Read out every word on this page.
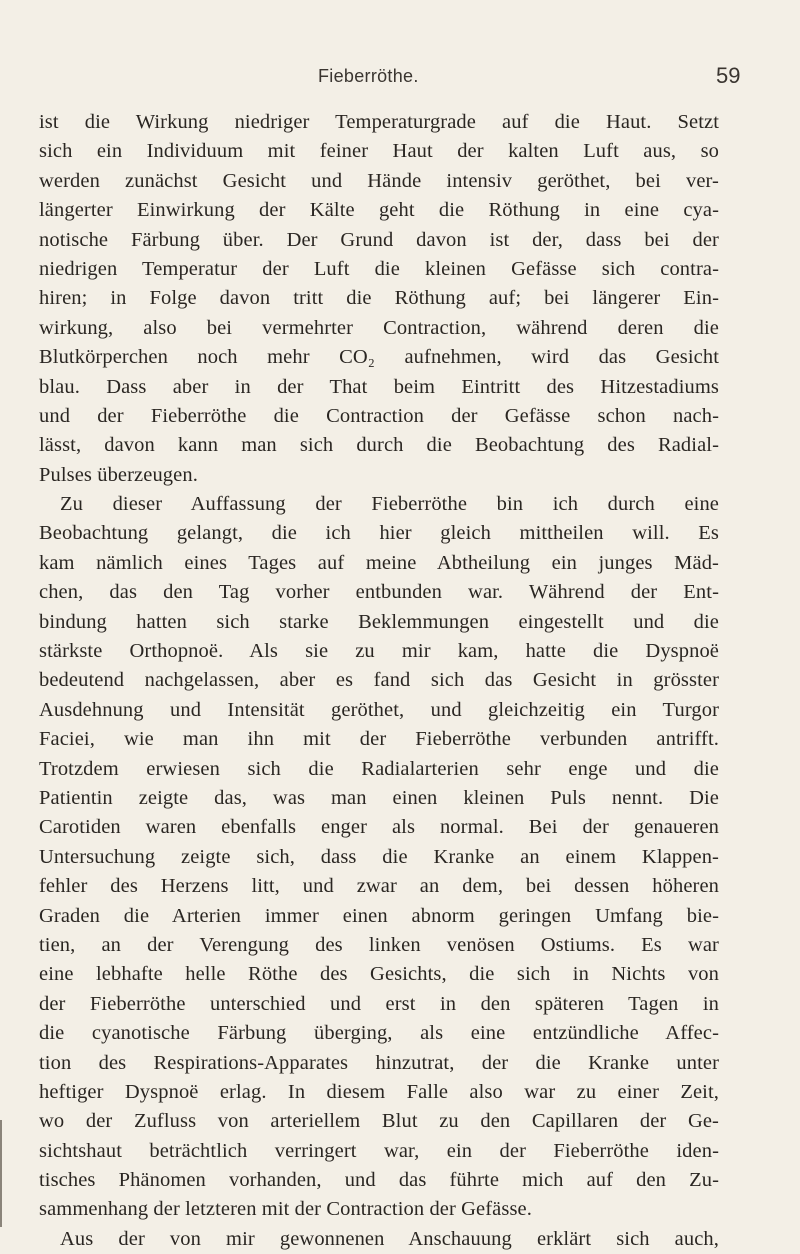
Fieberröthe.	59
ist die Wirkung niedriger Temperaturgrade auf die Haut. Setzt
sich ein Individuum mit feiner Haut der kalten Luft aus, so
werden zunächst Gesicht und Hände intensiv geröthet, bei ver-
längerter Einwirkung der Kälte geht die Röthung in eine cya-
notische Färbung über. Der Grund davon ist der, dass bei der
niedrigen Temperatur der Luft die kleinen Gefässe sich contra-
hiren; in Folge davon tritt die Röthung auf; bei längerer Ein-
wirkung, also bei vermehrter Contraction, während deren die
Blutkörperchen noch mehr CO₂ aufnehmen, wird das Gesicht
blau. Dass aber in der That beim Eintritt des Hitzestadiums
und der Fieberröthe die Contraction der Gefässe schon nach-
lässt, davon kann man sich durch die Beobachtung des Radial-
Pulses überzeugen.
Zu dieser Auffassung der Fieberröthe bin ich durch eine
Beobachtung gelangt, die ich hier gleich mittheilen will. Es
kam nämlich eines Tages auf meine Abtheilung ein junges Mäd-
chen, das den Tag vorher entbunden war. Während der Ent-
bindung hatten sich starke Beklemmungen eingestellt und die
stärkste Orthopnoë. Als sie zu mir kam, hatte die Dyspnoë
bedeutend nachgelassen, aber es fand sich das Gesicht in grösster
Ausdehnung und Intensität geröthet, und gleichzeitig ein Turgor
Faciei, wie man ihn mit der Fieberröthe verbunden antrifft.
Trotzdem erwiesen sich die Radialarterien sehr enge und die
Patientin zeigte das, was man einen kleinen Puls nennt. Die
Carotiden waren ebenfalls enger als normal. Bei der genaueren
Untersuchung zeigte sich, dass die Kranke an einem Klappen-
fehler des Herzens litt, und zwar an dem, bei dessen höheren
Graden die Arterien immer einen abnorm geringen Umfang bie-
tien, an der Verengung des linken venösen Ostiums. Es war
eine lebhafte helle Röthe des Gesichts, die sich in Nichts von
der Fieberröthe unterschied und erst in den späteren Tagen in
die cyanotische Färbung überging, als eine entzündliche Affec-
tion des Respirations-Apparates hinzutrat, der die Kranke unter
heftiger Dyspnoë erlag. In diesem Falle also war zu einer Zeit,
wo der Zufluss von arteriellem Blut zu den Capillaren der Ge-
sichtshaut beträchtlich verringert war, ein der Fieberröthe iden-
tisches Phänomen vorhanden, und das führte mich auf den Zu-
sammenhang der letzteren mit der Contraction der Gefässe.
Aus der von mir gewonnenen Anschauung erklärt sich auch,
